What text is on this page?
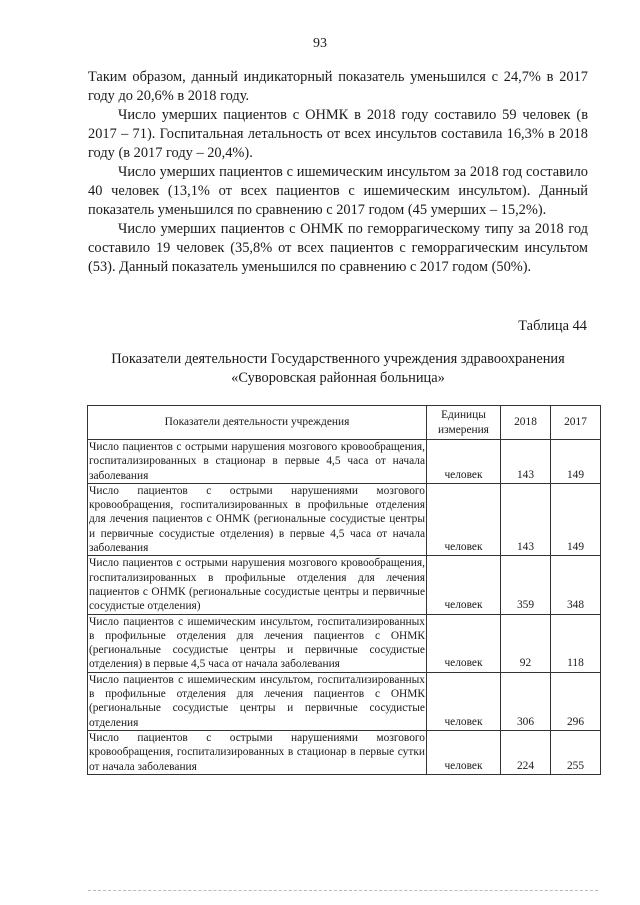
93

Таким образом, данный индикаторный показатель уменьшился с 24,7% в 2017 году до 20,6% в 2018 году.

Число умерших пациентов с ОНМК в 2018 году составило 59 человек (в 2017 – 71). Госпитальная летальность от всех инсультов составила 16,3% в 2018 году (в 2017 году – 20,4%).

Число умерших пациентов с ишемическим инсультом за 2018 год составило 40 человек (13,1% от всех пациентов с ишемическим инсультом). Данный показатель уменьшился по сравнению с 2017 годом (45 умерших – 15,2%).

Число умерших пациентов с ОНМК по геморрагическому типу за 2018 год составило 19 человек (35,8% от всех пациентов с геморрагическим инсультом (53). Данный показатель уменьшился по сравнению с 2017 годом (50%).

Таблица 44
Показатели деятельности Государственного учреждения здравоохранения
«Суворовская районная больница»
Показатели деятельности учреждения	Единицы измерения	2018	2017
Число пациентов с острыми нарушения мозгового кровообращения, госпитализированных в стационар в первые 4,5 часа от начала заболевания	человек	143	149
Число пациентов с острыми нарушениями мозгового кровообращения, госпитализированных в профильные отделения для лечения пациентов с ОНМК (региональные сосудистые центры и первичные сосудистые отделения) в первые 4,5 часа от начала заболевания	человек	143	149
Число пациентов с острыми нарушения мозгового кровообращения, госпитализированных в профильные отделения для лечения пациентов с ОНМК (региональные сосудистые центры и первичные сосудистые отделения)	человек	359	348
Число пациентов с ишемическим инсультом, госпитализированных в профильные отделения для лечения пациентов с ОНМК (региональные сосудистые центры и первичные сосудистые отделения) в первые 4,5 часа от начала заболевания	человек	92	118
Число пациентов с ишемическим инсультом, госпитализированных в профильные отделения для лечения пациентов с ОНМК (региональные сосудистые центры и первичные сосудистые отделения	человек	306	296
Число пациентов с острыми нарушениями мозгового кровообращения, госпитализированных в стационар в первые сутки от начала заболевания	человек	224	255
